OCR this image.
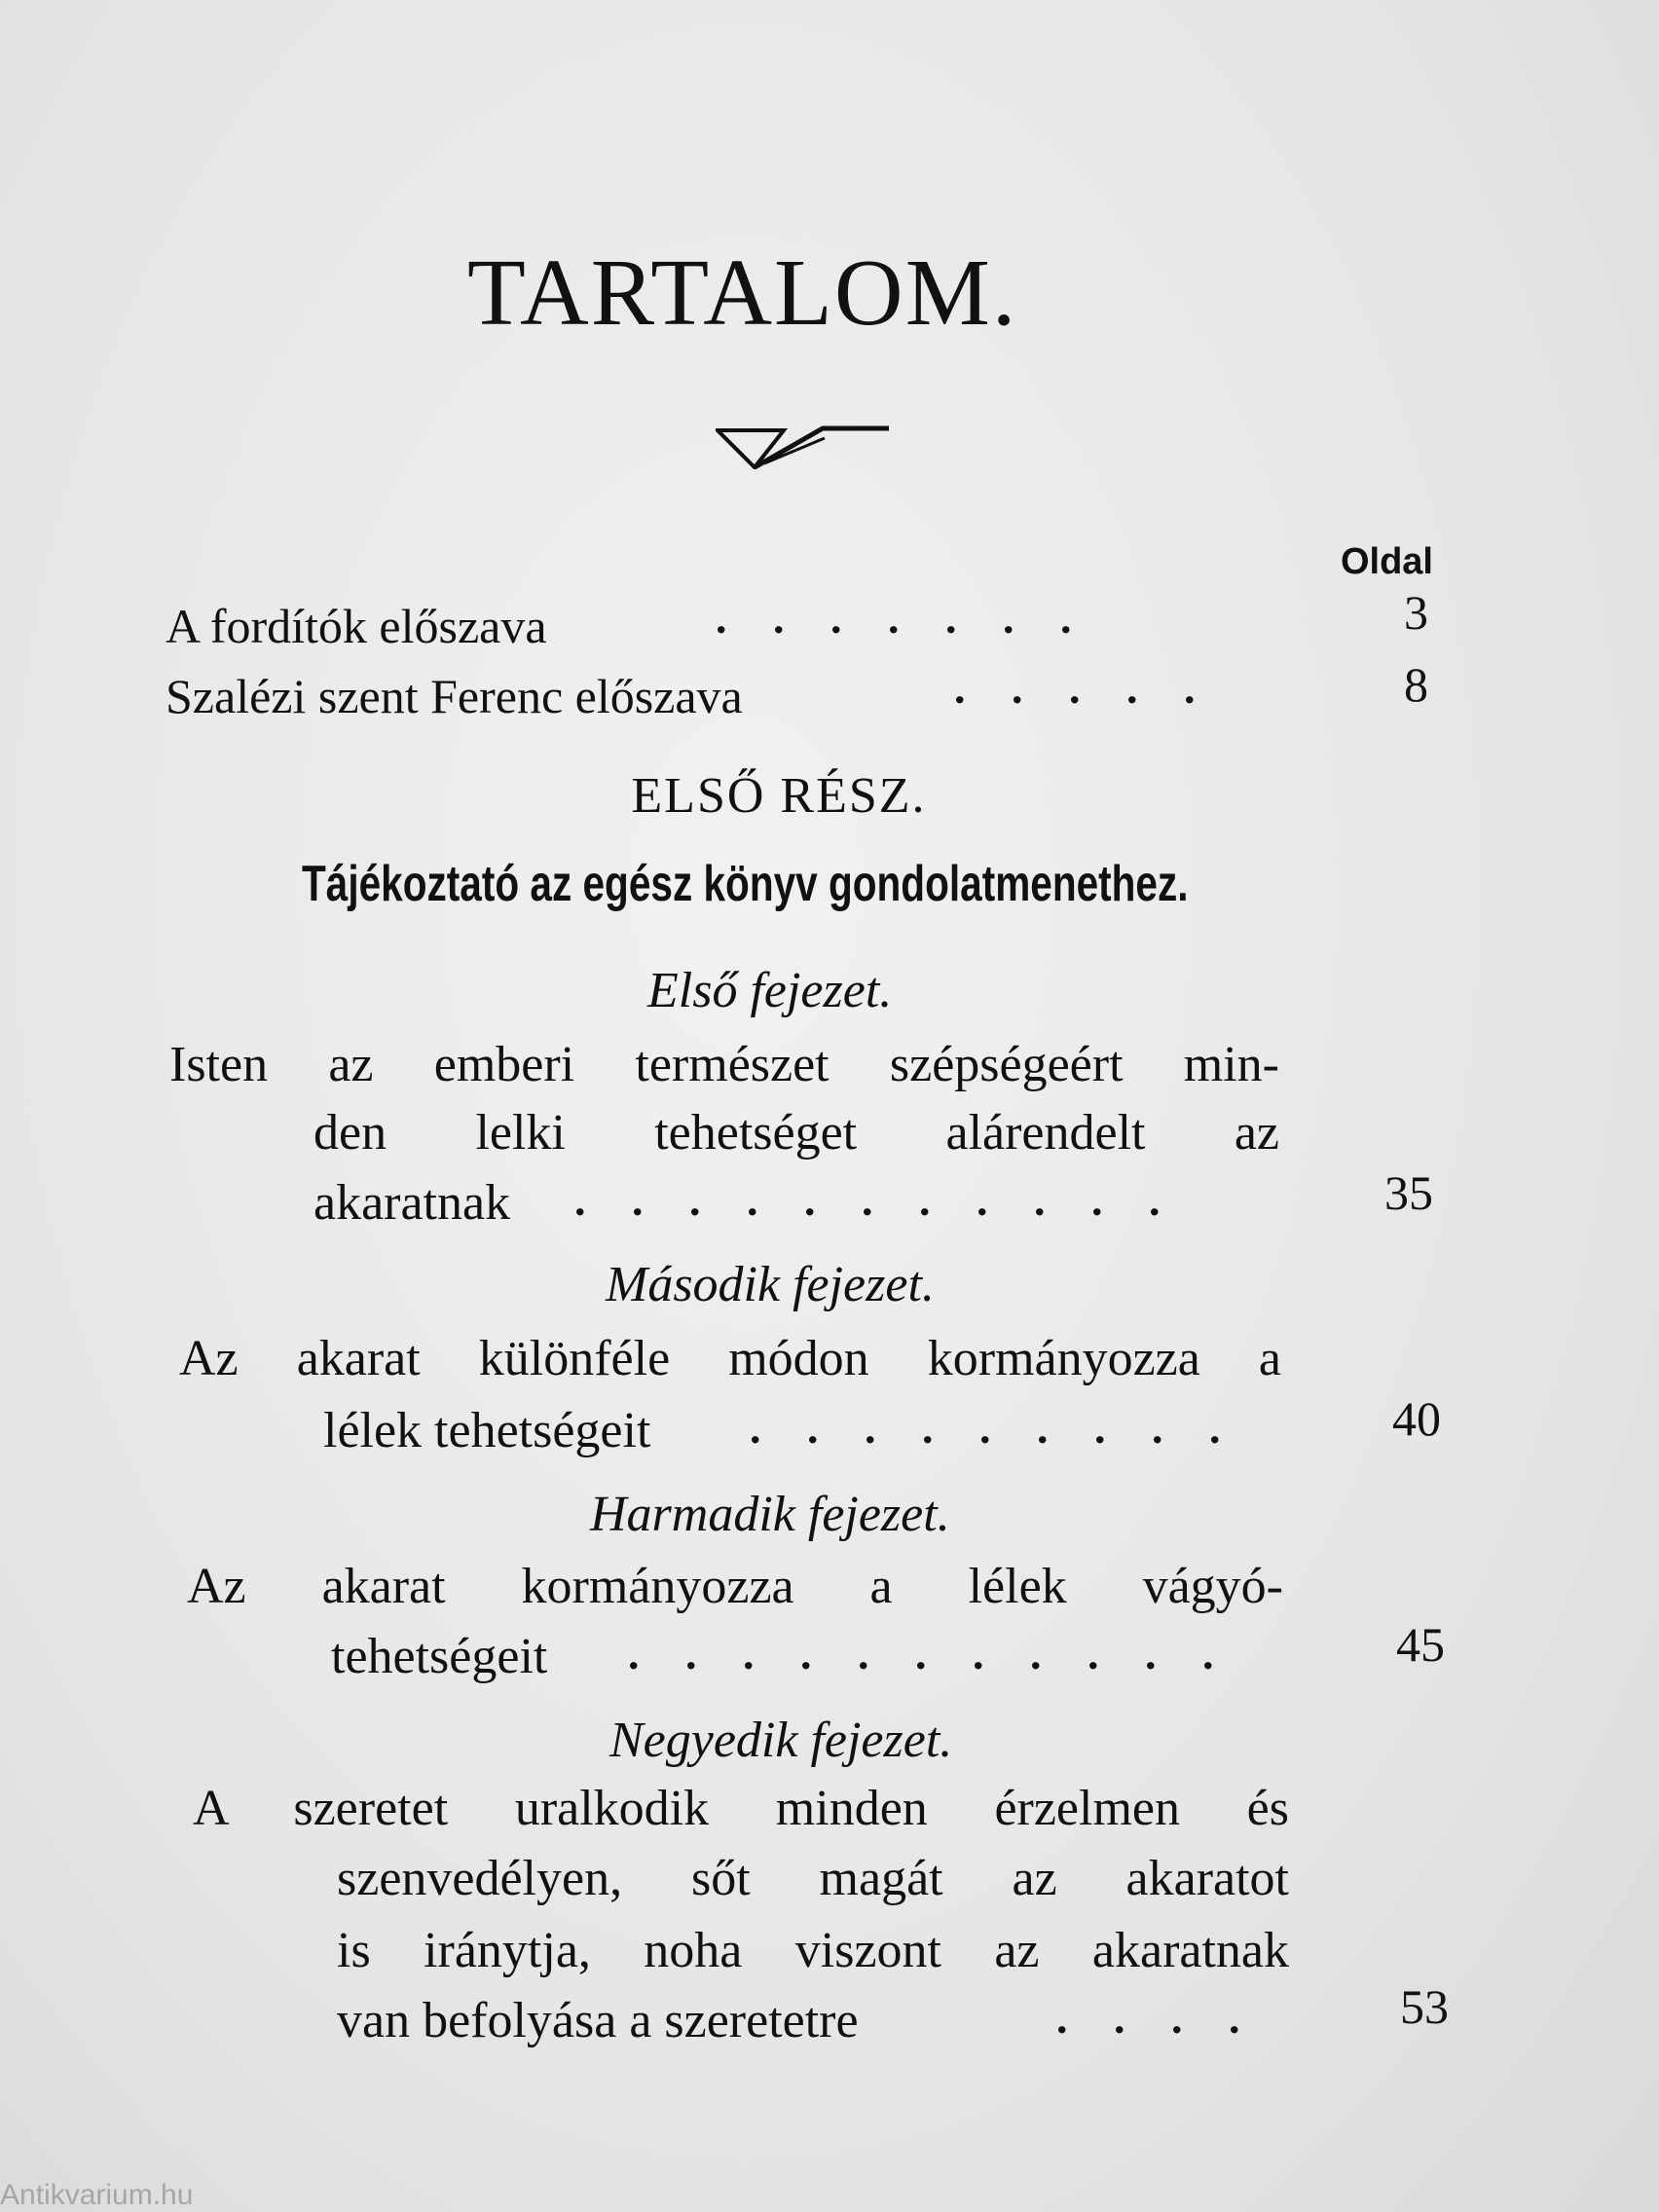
TARTALOM.
Oldal
A fordítók előszava	. . . . . . .	3
Szalézi szent Ferenc előszava	. . . . .	8
ELSŐ RÉSZ.
Tájékoztató az egész könyv gondolatmenethez.
Első fejezet.
Isten az emberi természet szépségeért min-
den lelki tehetséget alárendelt az
akaratnak . . . . . . . . . . .	35
Második fejezet.
Az akarat különféle módon kormányozza a
lélek tehetségeit . . . . . . . . .	40
Harmadik fejezet.
Az akarat kormányozza a lélek vágyó-
tehetségeit . . . . . . . . . . .	45
Negyedik fejezet.
A szeretet uralkodik minden érzelmen és
szenvedélyen, sőt magát az akaratot
is iránytja, noha viszont az akaratnak
van befolyása a szeretetre	. . . .	53
Antikvarium.hu
